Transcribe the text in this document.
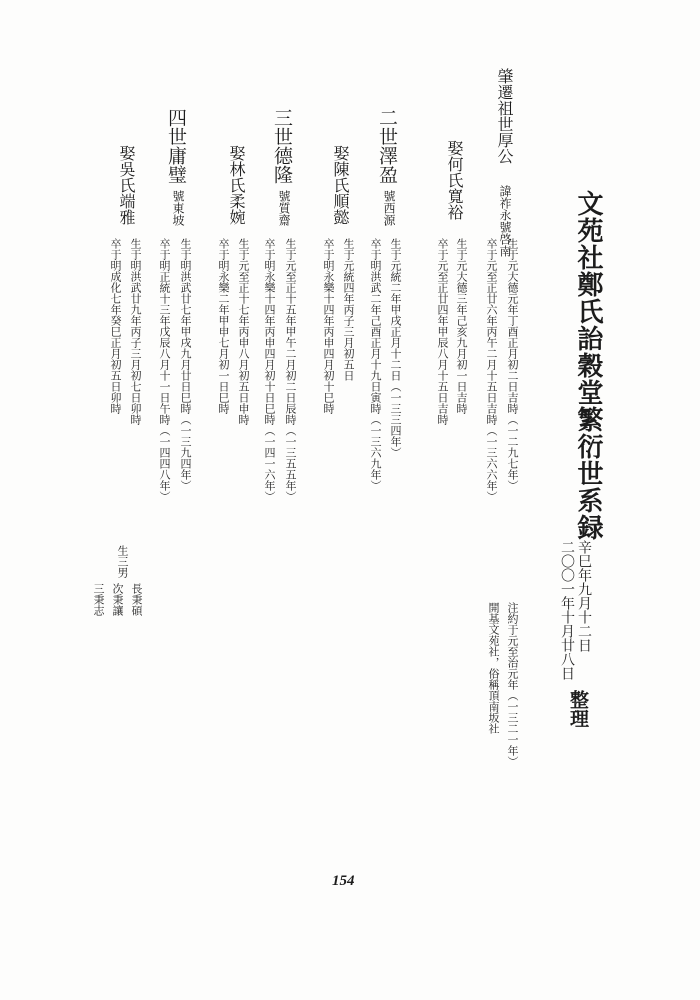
文苑社鄭氏詒穀堂繁衍世系録
辛巳年九月十二日
二〇〇一年十月廿八日
整理
肇遷祖世厚公
諱祚永號啓南
生于元大德元年丁酉正月初二日吉時（一二九七年）
卒于元至正廿六年丙午二月十五日吉時（一三六六年）
注約于元至治元年（一三二一年）
開基文苑社，俗稱頂南坂社
娶何氏寬裕
生于元大德三年己亥九月初一日吉時
卒于元至正廿四年甲辰八月十五日吉時
二世澤盈
號西源
生于元統二年甲戌正月十二日（一三三四年）
卒于明洪武二年己酉正月十九日寅時（一三六九年）
娶陳氏順懿
生于元統四年丙子三月初五日
卒于明永樂十四年丙申四月初十巳時
三世德隆
號質齋
生于元至正十五年甲午二月初二日辰時（一三五五年）
卒于明永樂十四年丙申四月初十日巳時（一四一六年）
娶林氏柔婉
生于元至正十七年丙申八月初五日申時
卒于明永樂二年甲申七月初一日巳時
四世庸璧
號東坡
生于明洪武廿七年甲戌九月廿日巳時（一三九四年）
卒于明正統十三年戊辰八月十一日午時（一四四八年）
娶吳氏端雅
生于明洪武廿九年丙子三月初七日卯時
卒于明成化七年癸巳正月初五日卯時
生三男
長秉碩
次秉讓
三秉志
154
